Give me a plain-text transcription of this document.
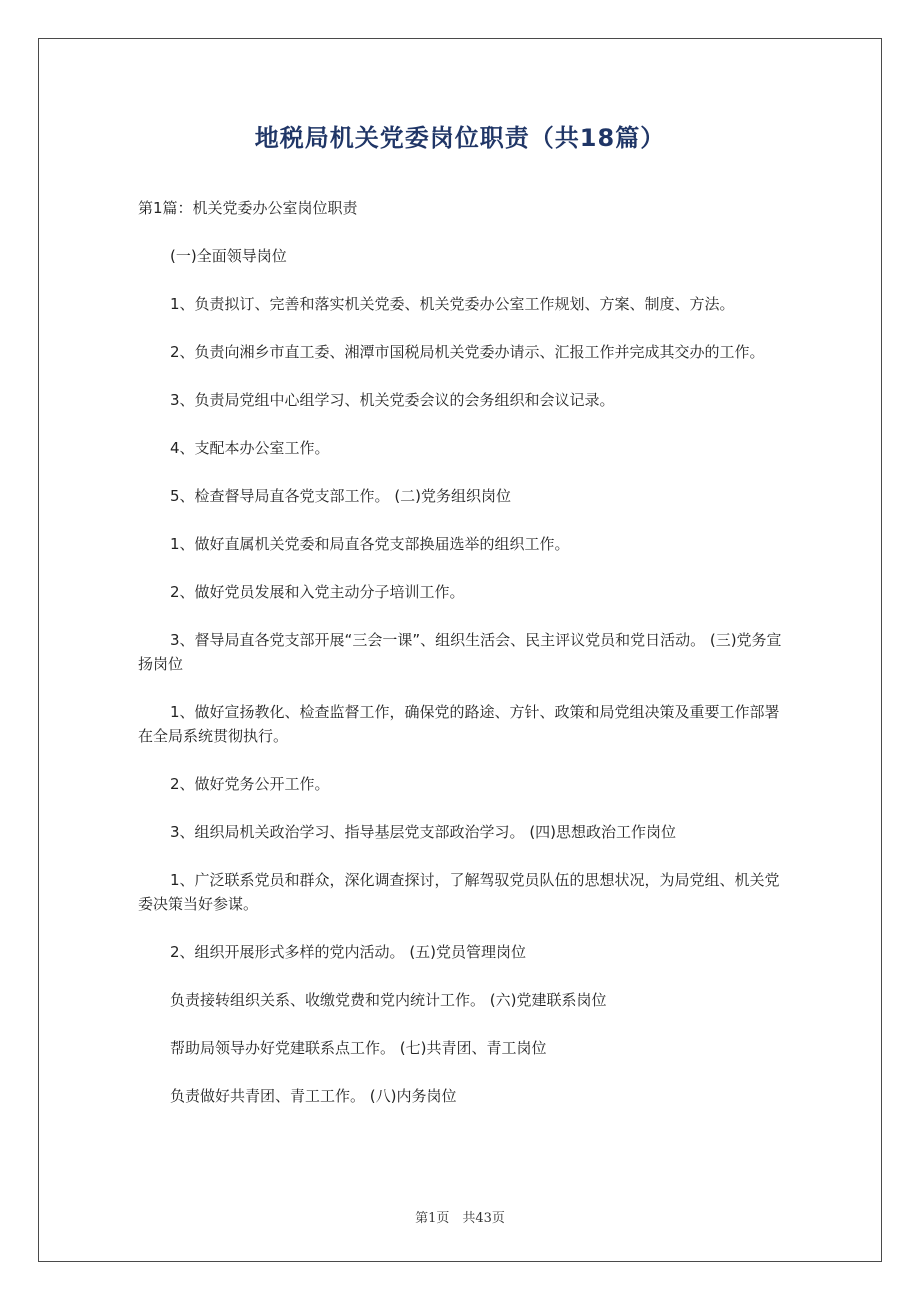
地税局机关党委岗位职责（共18篇）

第1篇：机关党委办公室岗位职责

(一)全面领导岗位

1、负责拟订、完善和落实机关党委、机关党委办公室工作规划、方案、制度、方法。

2、负责向湘乡市直工委、湘潭市国税局机关党委办请示、汇报工作并完成其交办的工作。

3、负责局党组中心组学习、机关党委会议的会务组织和会议记录。

4、支配本办公室工作。

5、检查督导局直各党支部工作。 (二)党务组织岗位

1、做好直属机关党委和局直各党支部换届选举的组织工作。

2、做好党员发展和入党主动分子培训工作。

3、督导局直各党支部开展“三会一课”、组织生活会、民主评议党员和党日活动。 (三)党务宣扬岗位

1、做好宣扬教化、检查监督工作，确保党的路途、方针、政策和局党组决策及重要工作部署在全局系统贯彻执行。

2、做好党务公开工作。

3、组织局机关政治学习、指导基层党支部政治学习。 (四)思想政治工作岗位

1、广泛联系党员和群众，深化调查探讨，了解驾驭党员队伍的思想状况，为局党组、机关党委决策当好参谋。

2、组织开展形式多样的党内活动。 (五)党员管理岗位

负责接转组织关系、收缴党费和党内统计工作。 (六)党建联系岗位

帮助局领导办好党建联系点工作。 (七)共青团、青工岗位

负责做好共青团、青工工作。 (八)内务岗位

第1页　共43页
